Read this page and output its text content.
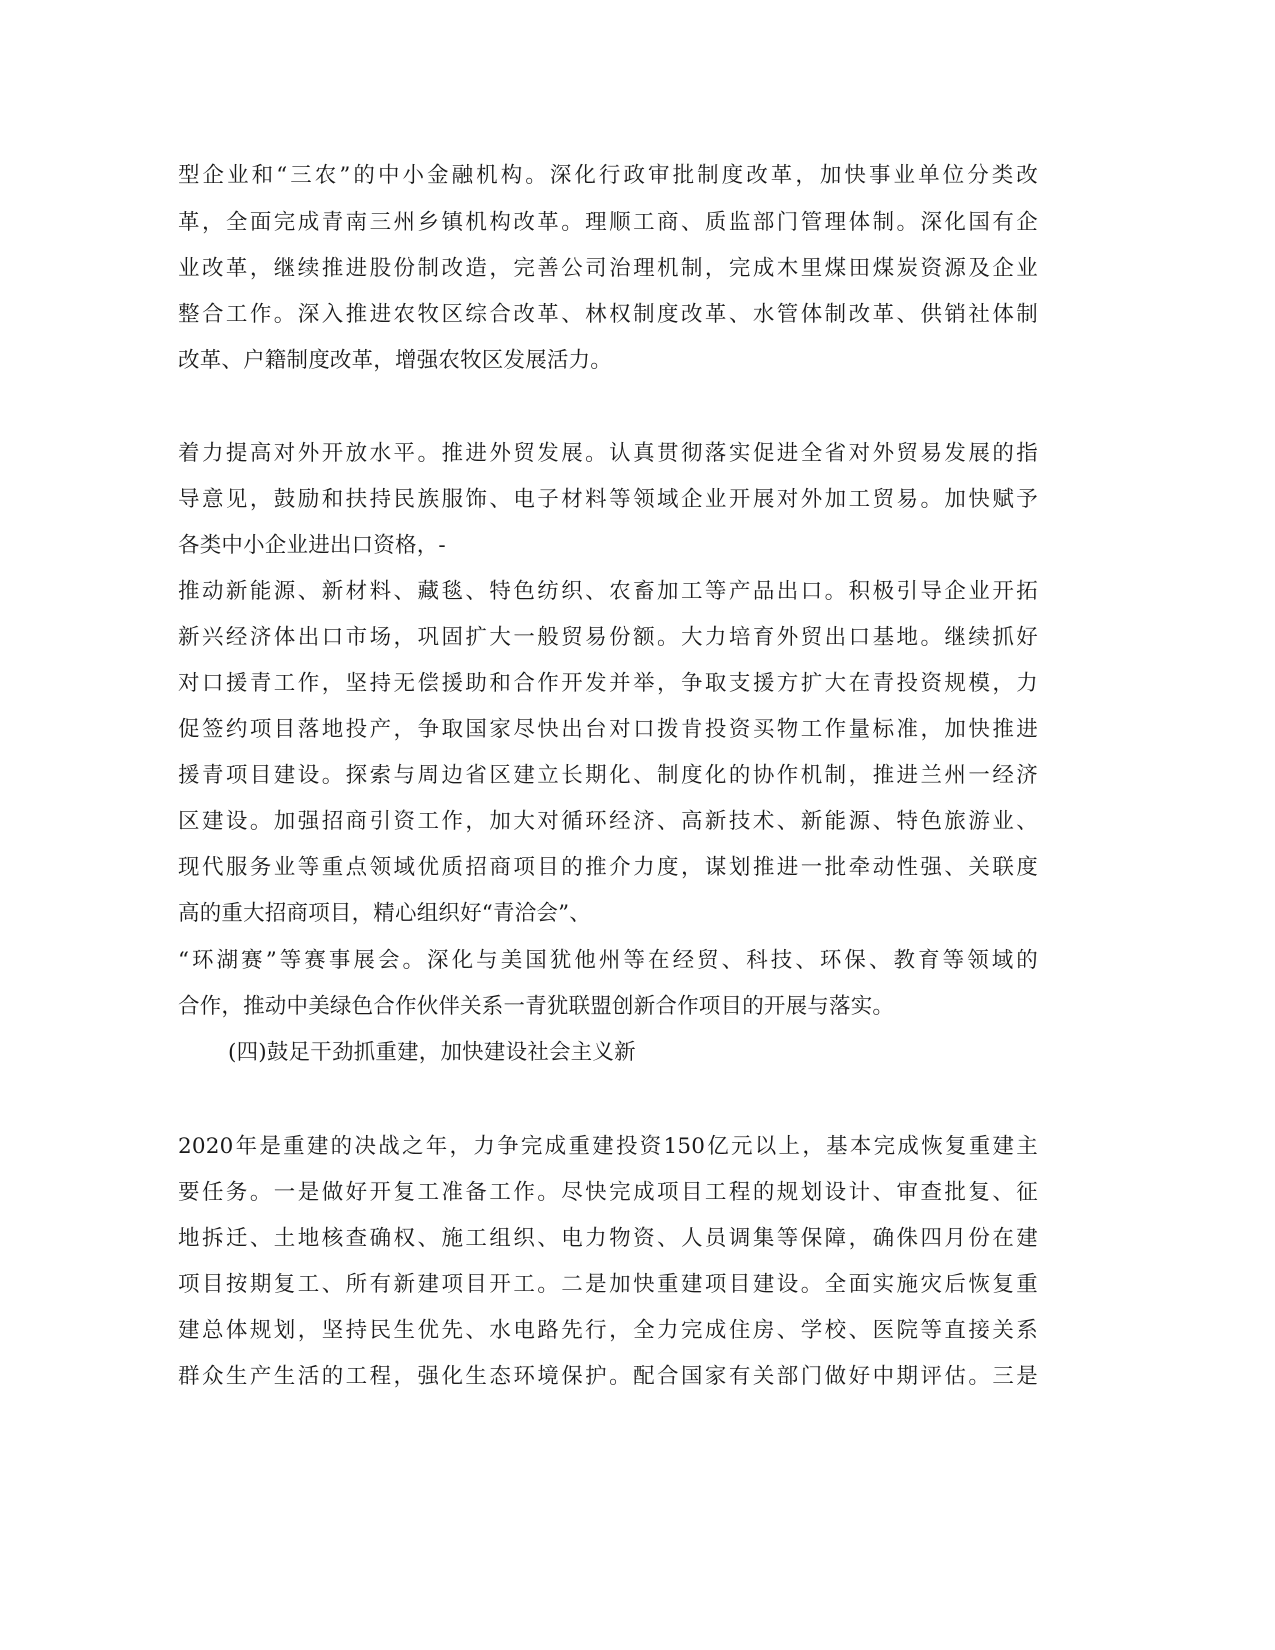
型企业和“三农”的中小金融机构。深化行政审批制度改革，加快事业单位分类改
革，全面完成青南三州乡镇机构改革。理顺工商、质监部门管理体制。深化国有企
业改革，继续推进股份制改造，完善公司治理机制，完成木里煤田煤炭资源及企业
整合工作。深入推进农牧区综合改革、林权制度改革、水管体制改革、供销社体制
改革、户籍制度改革，增强农牧区发展活力。
着力提高对外开放水平。推进外贸发展。认真贯彻落实促进全省对外贸易发展的指
导意见，鼓励和扶持民族服饰、电子材料等领域企业开展对外加工贸易。加快赋予
各类中小企业进出口资格，-
推动新能源、新材料、藏毯、特色纺织、农畜加工等产品出口。积极引导企业开拓
新兴经济体出口市场，巩固扩大一般贸易份额。大力培育外贸出口基地。继续抓好
对口援青工作，坚持无偿援助和合作开发并举，争取支援方扩大在青投资规模，力
促签约项目落地投产，争取国家尽快出台对口拨肯投资买物工作量标准，加快推进
援青项目建设。探索与周边省区建立长期化、制度化的协作机制，推进兰州一经济
区建设。加强招商引资工作，加大对循环经济、高新技术、新能源、特色旅游业、
现代服务业等重点领域优质招商项目的推介力度，谋划推进一批牵动性强、关联度
高的重大招商项目，精心组织好“青洽会”、
“环湖赛”等赛事展会。深化与美国犹他州等在经贸、科技、环保、教育等领域的
合作，推动中美绿色合作伙伴关系一青犹联盟创新合作项目的开展与落实。
(四)鼓足干劲抓重建，加快建设社会主义新
2020年是重建的决战之年，力争完成重建投资150亿元以上，基本完成恢复重建主
要任务。一是做好开复工准备工作。尽快完成项目工程的规划设计、审查批复、征
地拆迁、土地核查确权、施工组织、电力物资、人员调集等保障，确侏四月份在建
项目按期复工、所有新建项目开工。二是加快重建项目建设。全面实施灾后恢复重
建总体规划，坚持民生优先、水电路先行，全力完成住房、学校、医院等直接关系
群众生产生活的工程，强化生态环境保护。配合国家有关部门做好中期评估。三是
